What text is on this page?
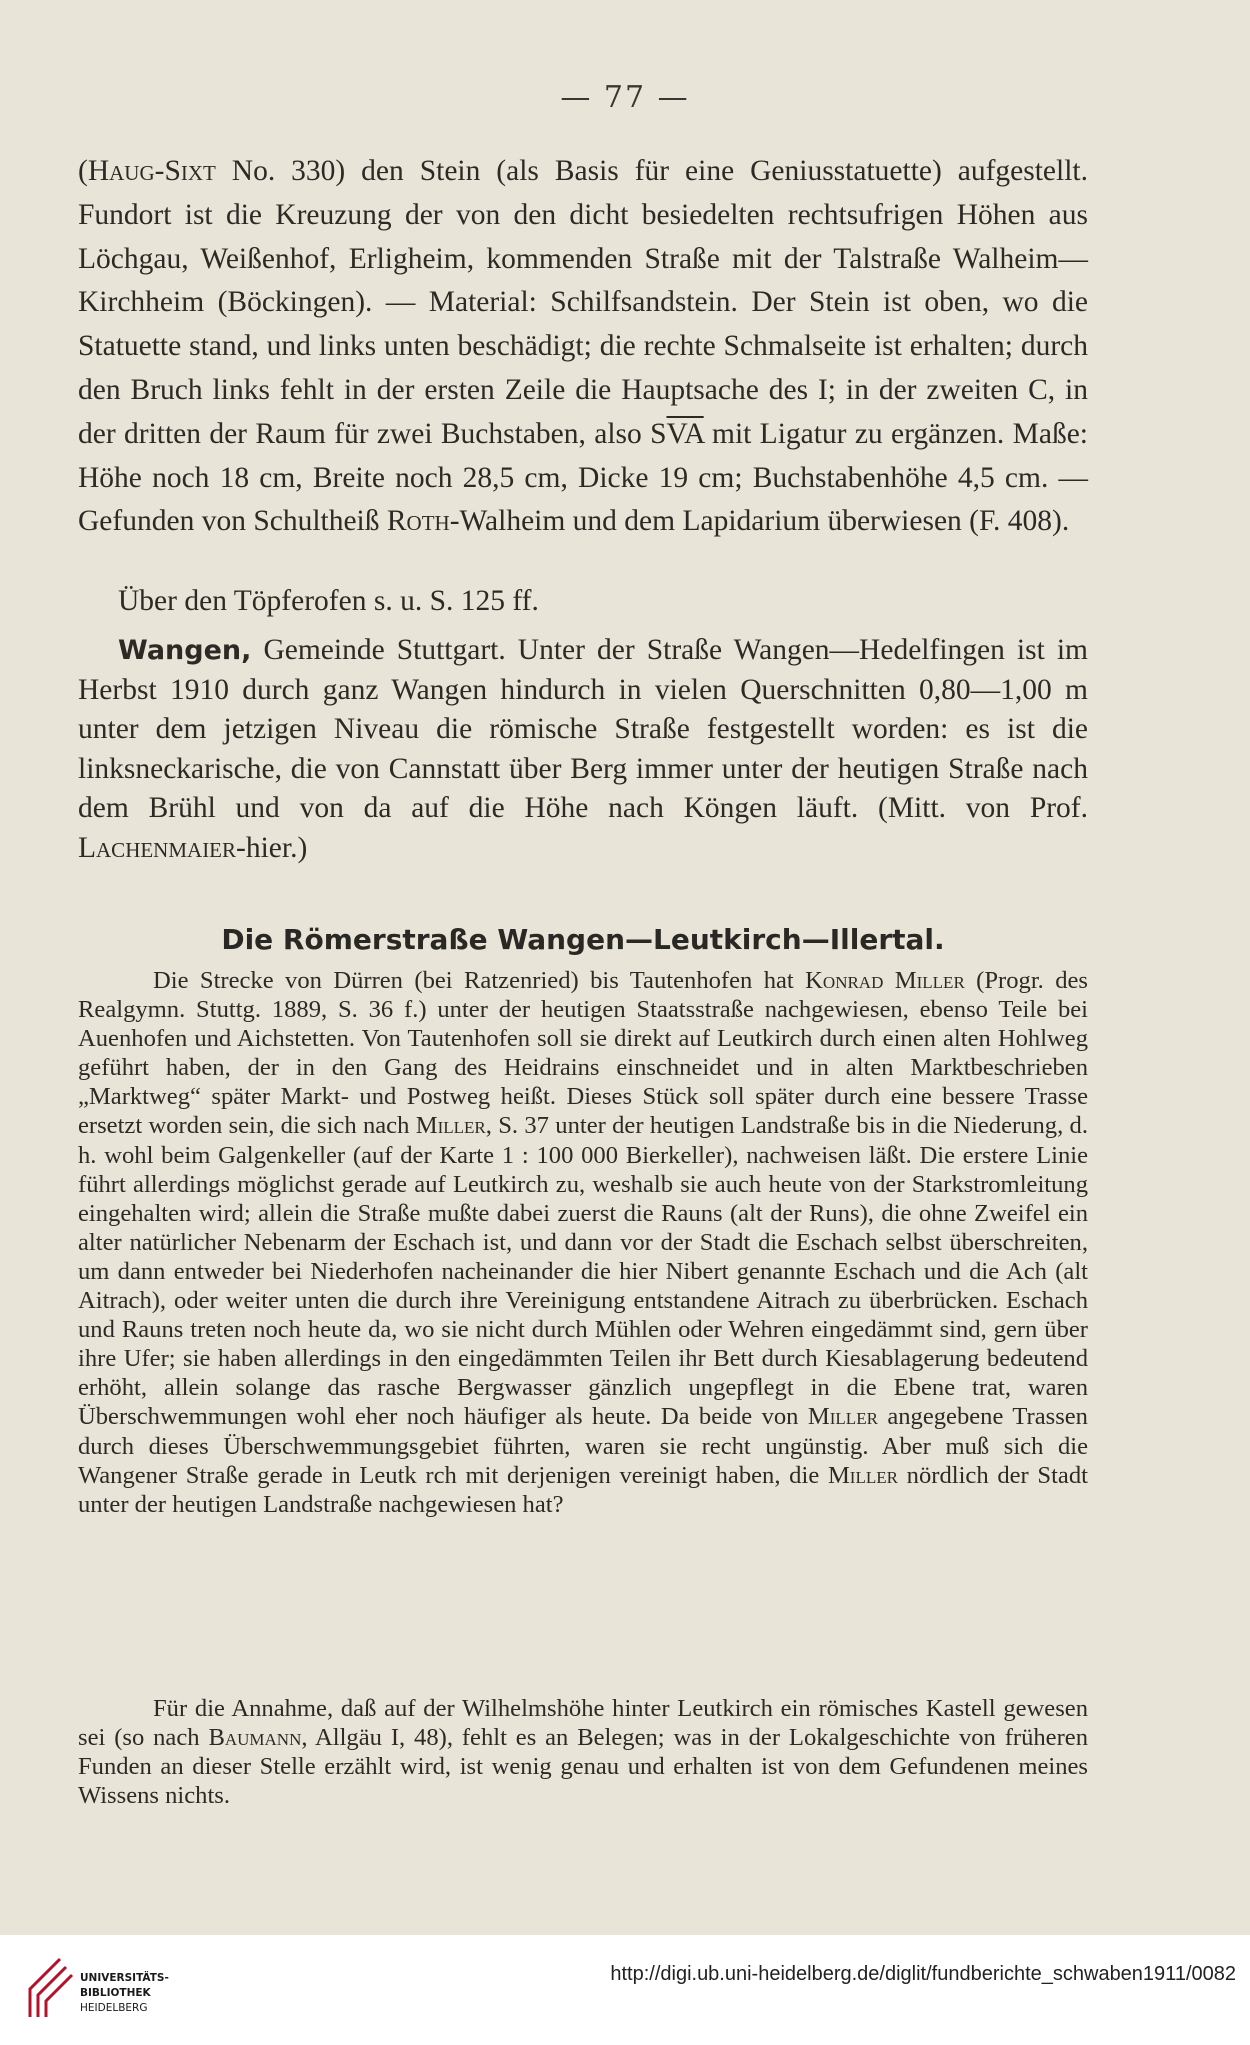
— 77 —
(Haug-Sixt No. 330) den Stein (als Basis für eine Geniusstatuette) aufgestellt. Fundort ist die Kreuzung der von den dicht besiedelten rechtsufrigen Höhen aus Löchgau, Weißenhof, Erligheim, kommenden Straße mit der Talstraße Walheim—Kirchheim (Böckingen). — Material: Schilfsandstein. Der Stein ist oben, wo die Statuette stand, und links unten beschädigt; die rechte Schmalseite ist erhalten; durch den Bruch links fehlt in der ersten Zeile die Hauptsache des I; in der zweiten C, in der dritten der Raum für zwei Buchstaben, also $S\overline{VA}$ mit Ligatur zu ergänzen. Maße: Höhe noch 18 cm, Breite noch 28,5 cm, Dicke 19 cm; Buchstabenhöhe 4,5 cm. — Gefunden von Schultheiß Roth-Walheim und dem Lapidarium überwiesen (F. 408).
Über den Töpferofen s. u. S. 125 ff.
Wangen, Gemeinde Stuttgart. Unter der Straße Wangen—Hedelfingen ist im Herbst 1910 durch ganz Wangen hindurch in vielen Querschnitten 0,80—1,00 m unter dem jetzigen Niveau die römische Straße festgestellt worden: es ist die linksneckarische, die von Cannstatt über Berg immer unter der heutigen Straße nach dem Brühl und von da auf die Höhe nach Köngen läuft. (Mitt. von Prof. Lachenmaier-hier.)
Die Römerstraße Wangen—Leutkirch—Illertal.
Die Strecke von Dürren (bei Ratzenried) bis Tautenhofen hat Konrad Miller (Progr. des Realgymn. Stuttg. 1889, S. 36 f.) unter der heutigen Staatsstraße nachgewiesen, ebenso Teile bei Auenhofen und Aichstetten. Von Tautenhofen soll sie direkt auf Leutkirch durch einen alten Hohlweg geführt haben, der in den Gang des Heidrains einschneidet und in alten Marktbeschrieben „Marktweg“ später Markt- und Postweg heißt. Dieses Stück soll später durch eine bessere Trasse ersetzt worden sein, die sich nach Miller, S. 37 unter der heutigen Landstraße bis in die Niederung, d. h. wohl beim Galgenkeller (auf der Karte 1 : 100 000 Bierkeller), nachweisen läßt. Die erstere Linie führt allerdings möglichst gerade auf Leutkirch zu, weshalb sie auch heute von der Starkstromleitung eingehalten wird; allein die Straße mußte dabei zuerst die Rauns (alt der Runs), die ohne Zweifel ein alter natürlicher Nebenarm der Eschach ist, und dann vor der Stadt die Eschach selbst überschreiten, um dann entweder bei Niederhofen nacheinander die hier Nibert genannte Eschach und die Ach (alt Aitrach), oder weiter unten die durch ihre Vereinigung entstandene Aitrach zu überbrücken. Eschach und Rauns treten noch heute da, wo sie nicht durch Mühlen oder Wehren eingedämmt sind, gern über ihre Ufer; sie haben allerdings in den eingedämmten Teilen ihr Bett durch Kiesablagerung bedeutend erhöht, allein solange das rasche Bergwasser gänzlich ungepflegt in die Ebene trat, waren Überschwemmungen wohl eher noch häufiger als heute. Da beide von Miller angegebene Trassen durch dieses Überschwemmungsgebiet führten, waren sie recht ungünstig. Aber muß sich die Wangener Straße gerade in Leutk rch mit derjenigen vereinigt haben, die Miller nördlich der Stadt unter der heutigen Landstraße nachgewiesen hat?
Für die Annahme, daß auf der Wilhelmshöhe hinter Leutkirch ein römisches Kastell gewesen sei (so nach Baumann, Allgäu I, 48), fehlt es an Belegen; was in der Lokalgeschichte von früheren Funden an dieser Stelle erzählt wird, ist wenig genau und erhalten ist von dem Gefundenen meines Wissens nichts.
UNIVERSITÄTS-
BIBLIOTHEK
HEIDELBERG
http://digi.ub.uni-heidelberg.de/diglit/fundberichte_schwaben1911/0082
